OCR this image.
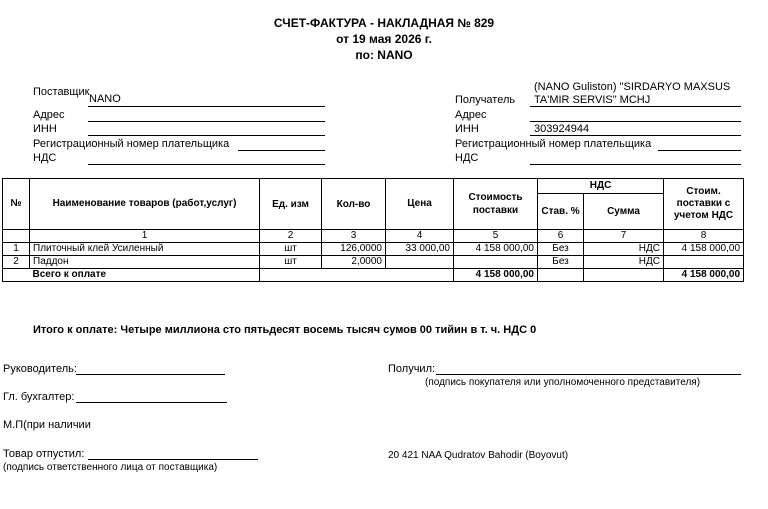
СЧЕТ-ФАКТУРА - НАКЛАДНАЯ № 829
от 19 мая 2026 г.
по: NANO
Поставщик
NANO
Адрес
ИНН
Регистрационный номер плательщика
НДС
(NANO Guliston) "SIRDARYO MAXSUS
Получатель TA'MIR SERVIS" MCHJ
Адрес
ИНН	303924944
Регистрационный номер плательщика
НДС
№	Наименование товаров (работ,услуг)	Ед. изм	Кол-во	Цена	Стоимость поставки	НДС		Стоим. поставки с учетом НДС
						Став. %	Сумма	
	1	2	3	4	5	6	7	8
1	Плиточный клей Усиленный	шт	126,0000	33 000,00	4 158 000,00	Без	НДС	4 158 000,00
2	Паддон	шт	2,0000			Без	НДС	
	Всего к оплате				4 158 000,00			4 158 000,00
Итого к оплате: Четыре миллиона сто пятьдесят восемь тысяч сумов 00 тийин в т. ч. НДС 0
Руководитель:
Гл. бухгалтер:
М.П(при наличии
Товар отпустил:
(подпись ответственного лица от поставщика)
Получил:
(подпись покупателя или уполномоченного представителя)
20 421 NAA Qudratov Bahodir (Boyovut)
